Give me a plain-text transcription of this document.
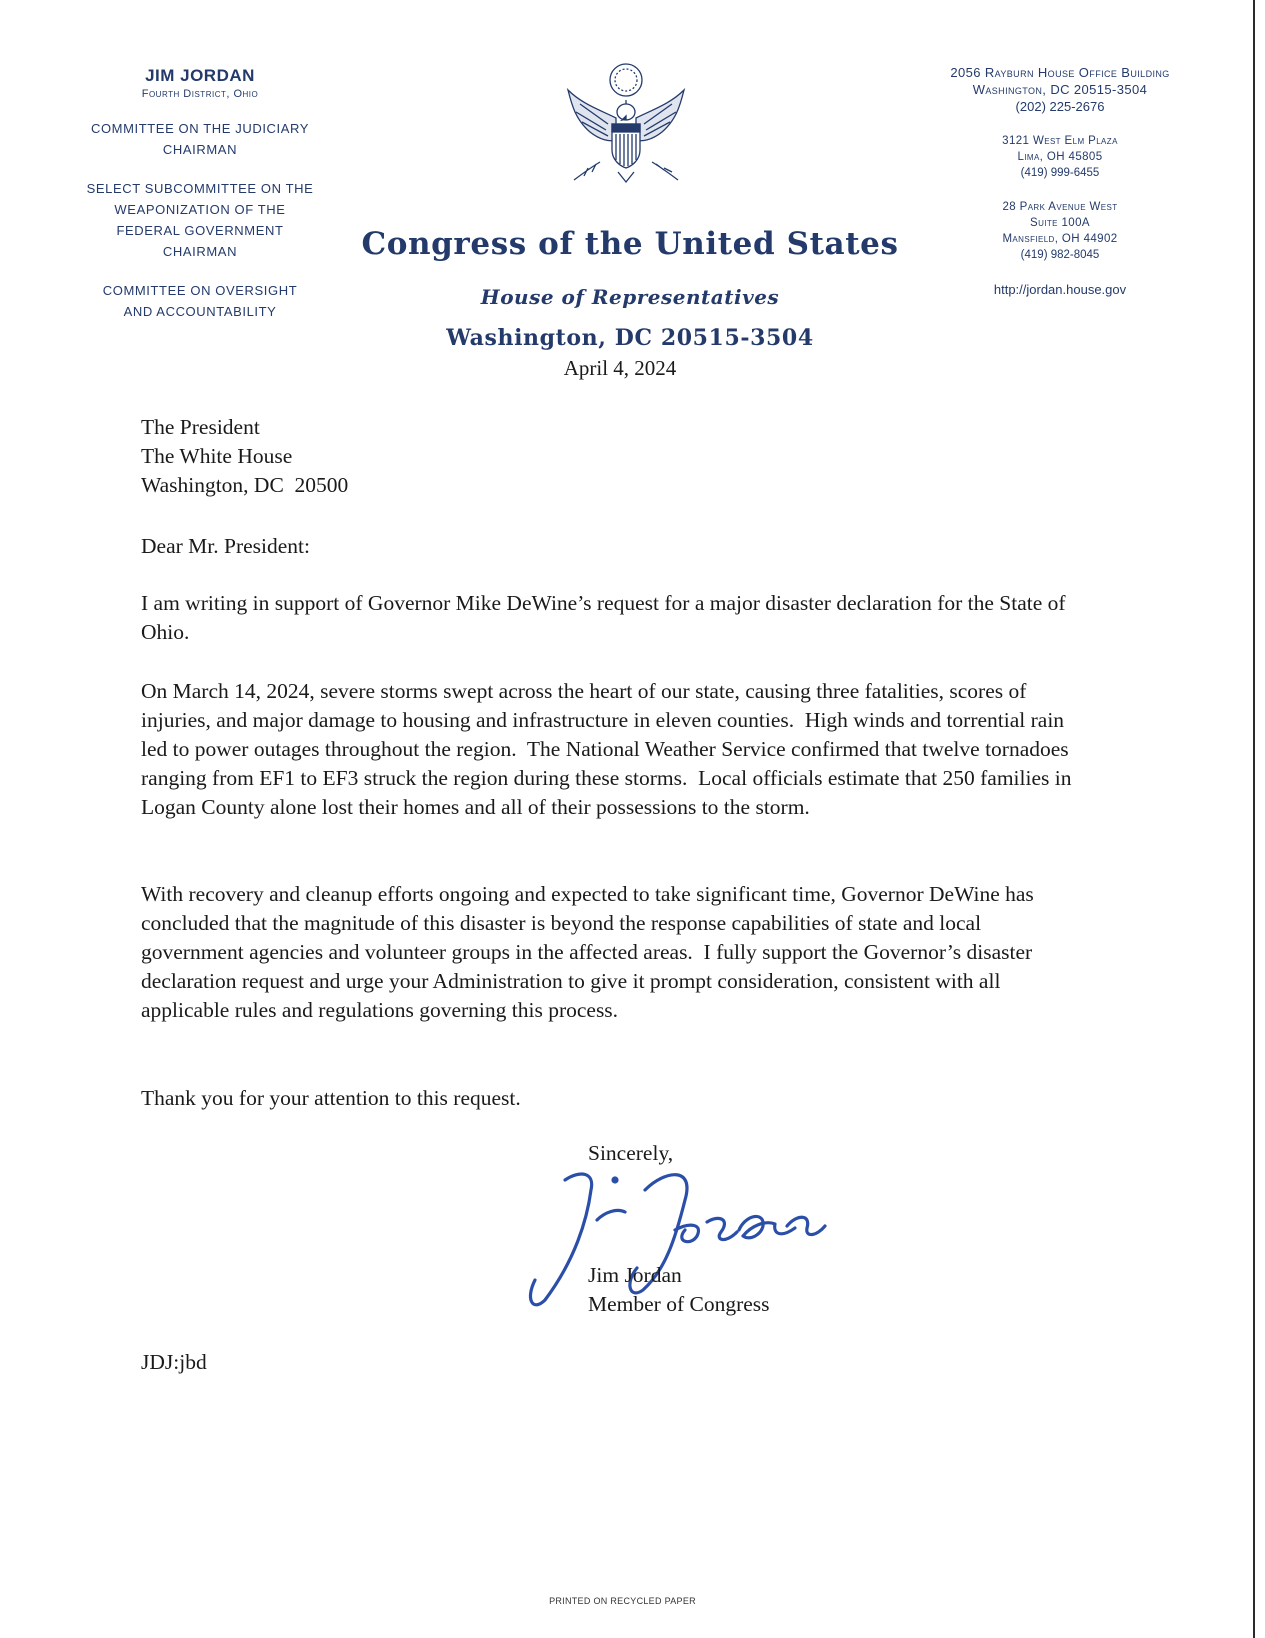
JIM JORDAN
Fourth District, Ohio
COMMITTEE ON THE JUDICIARY
CHAIRMAN
SELECT SUBCOMMITTEE ON THE
WEAPONIZATION OF THE
FEDERAL GOVERNMENT
CHAIRMAN
COMMITTEE ON OVERSIGHT
AND ACCOUNTABILITY
2056 Rayburn House Office Building
Washington, DC 20515-3504
(202) 225-2676
3121 West Elm Plaza
Lima, OH 45805
(419) 999-6455
28 Park Avenue West
Suite 100A
Mansfield, OH 44902
(419) 982-8045
http://jordan.house.gov
Congress of the United States
House of Representatives
Washington, DC 20515-3504
April 4, 2024
The President
The White House
Washington, DC  20500
Dear Mr. President:
I am writing in support of Governor Mike DeWine’s request for a major disaster declaration for the State of Ohio.
On March 14, 2024, severe storms swept across the heart of our state, causing three fatalities, scores of injuries, and major damage to housing and infrastructure in eleven counties.  High winds and torrential rain led to power outages throughout the region.  The National Weather Service confirmed that twelve tornadoes ranging from EF1 to EF3 struck the region during these storms.  Local officials estimate that 250 families in Logan County alone lost their homes and all of their possessions to the storm.
With recovery and cleanup efforts ongoing and expected to take significant time, Governor DeWine has concluded that the magnitude of this disaster is beyond the response capabilities of state and local government agencies and volunteer groups in the affected areas.  I fully support the Governor’s disaster declaration request and urge your Administration to give it prompt consideration, consistent with all applicable rules and regulations governing this process.
Thank you for your attention to this request.
Sincerely,
Jim Jordan
Member of Congress
JDJ:jbd
PRINTED ON RECYCLED PAPER
